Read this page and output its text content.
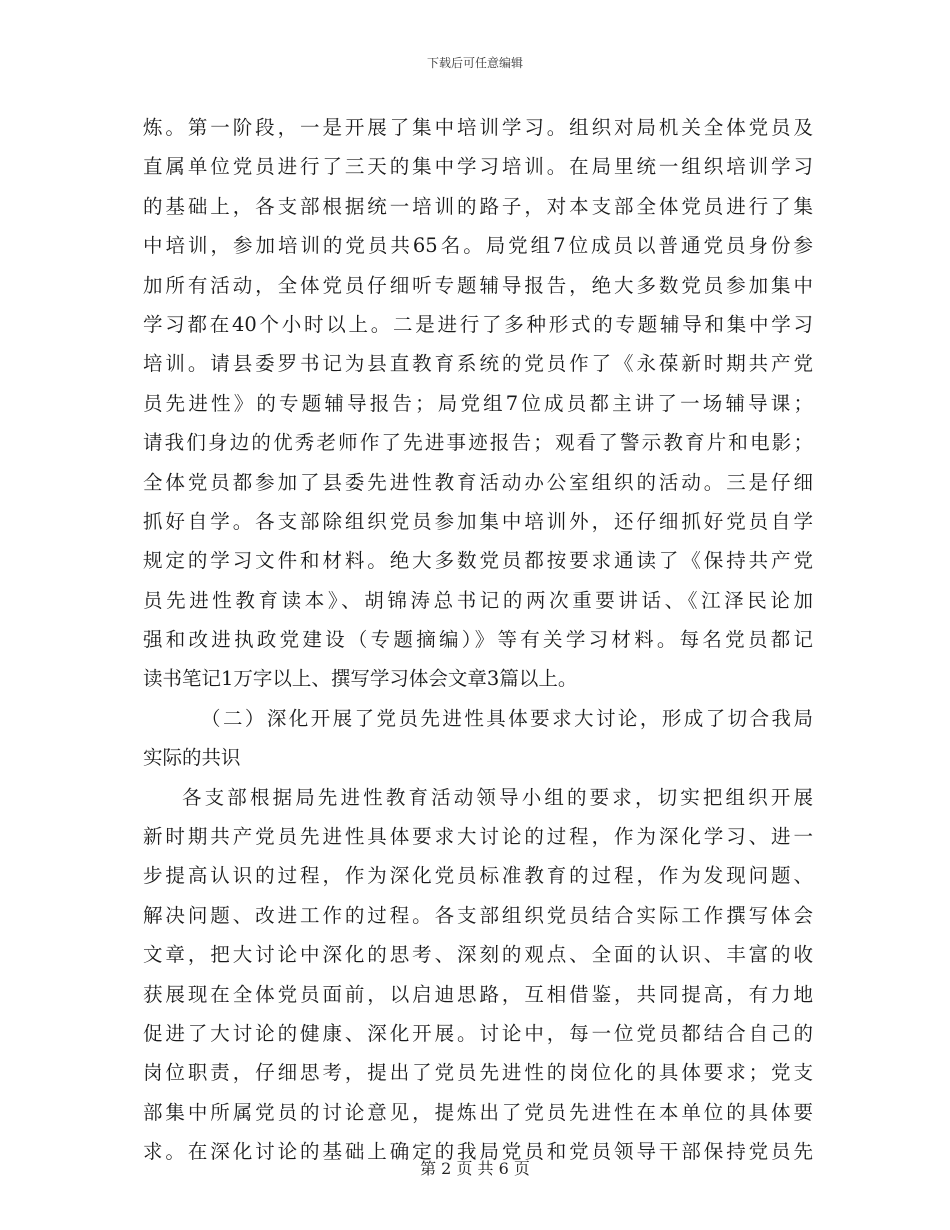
下载后可任意编辑
炼。第一阶段，一是开展了集中培训学习。组织对局机关全体党员及
直属单位党员进行了三天的集中学习培训。在局里统一组织培训学习
的基础上，各支部根据统一培训的路子，对本支部全体党员进行了集
中培训，参加培训的党员共65名。局党组7位成员以普通党员身份参
加所有活动，全体党员仔细听专题辅导报告，绝大多数党员参加集中
学习都在40个小时以上。二是进行了多种形式的专题辅导和集中学习
培训。请县委罗书记为县直教育系统的党员作了《永葆新时期共产党
员先进性》的专题辅导报告；局党组7位成员都主讲了一场辅导课；
请我们身边的优秀老师作了先进事迹报告；观看了警示教育片和电影；
全体党员都参加了县委先进性教育活动办公室组织的活动。三是仔细
抓好自学。各支部除组织党员参加集中培训外，还仔细抓好党员自学
规定的学习文件和材料。绝大多数党员都按要求通读了《保持共产党
员先进性教育读本》、胡锦涛总书记的两次重要讲话、《江泽民论加
强和改进执政党建设（专题摘编）》等有关学习材料。每名党员都记
读书笔记1万字以上、撰写学习体会文章3篇以上。
（二）深化开展了党员先进性具体要求大讨论，形成了切合我局
实际的共识
各支部根据局先进性教育活动领导小组的要求，切实把组织开展
新时期共产党员先进性具体要求大讨论的过程，作为深化学习、进一
步提高认识的过程，作为深化党员标准教育的过程，作为发现问题、
解决问题、改进工作的过程。各支部组织党员结合实际工作撰写体会
文章，把大讨论中深化的思考、深刻的观点、全面的认识、丰富的收
获展现在全体党员面前，以启迪思路，互相借鉴，共同提高，有力地
促进了大讨论的健康、深化开展。讨论中，每一位党员都结合自己的
岗位职责，仔细思考，提出了党员先进性的岗位化的具体要求；党支
部集中所属党员的讨论意见，提炼出了党员先进性在本单位的具体要
求。在深化讨论的基础上确定的我局党员和党员领导干部保持党员先
第 2 页 共 6 页
